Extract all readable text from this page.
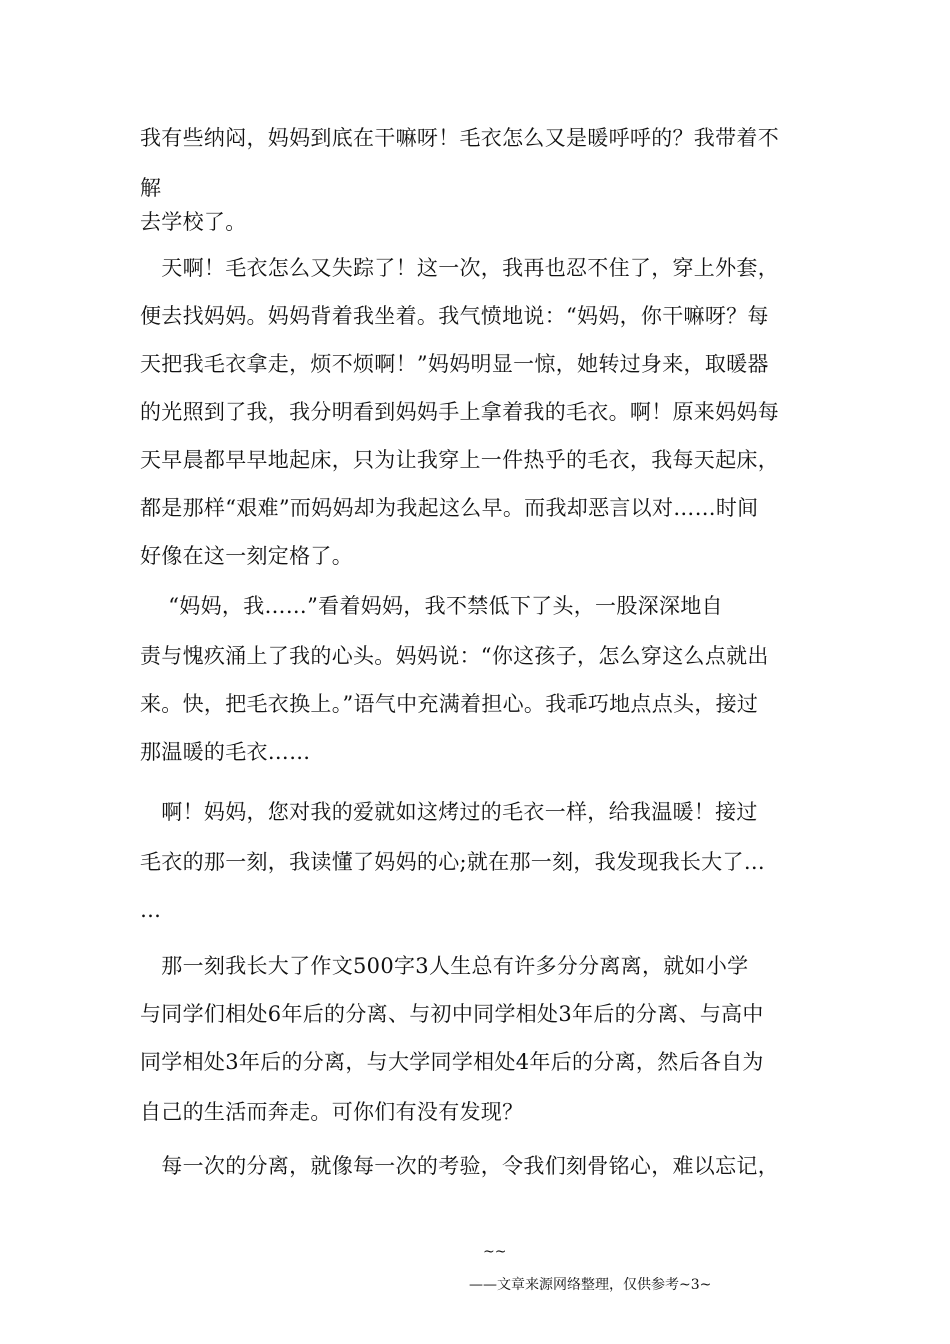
我有些纳闷，妈妈到底在干嘛呀！毛衣怎么又是暖呼呼的？我带着不
解
去学校了。
　天啊！毛衣怎么又失踪了！这一次，我再也忍不住了，穿上外套，
便去找妈妈。妈妈背着我坐着。我气愤地说：“妈妈，你干嘛呀？每
天把我毛衣拿走，烦不烦啊！”妈妈明显一惊，她转过身来，取暖器
的光照到了我，我分明看到妈妈手上拿着我的毛衣。啊！原来妈妈每
天早晨都早早地起床，只为让我穿上一件热乎的毛衣，我每天起床，
都是那样“艰难”而妈妈却为我起这么早。而我却恶言以对……时间
好像在这一刻定格了。
　 “妈妈，我……”看着妈妈，我不禁低下了头，一股深深地自
责与愧疚涌上了我的心头。妈妈说：“你这孩子，怎么穿这么点就出
来。快，把毛衣换上。”语气中充满着担心。我乖巧地点点头，接过
那温暖的毛衣……
　啊！妈妈，您对我的爱就如这烤过的毛衣一样，给我温暖！接过
毛衣的那一刻，我读懂了妈妈的心;就在那一刻，我发现我长大了…
…
　那一刻我长大了作文500字3人生总有许多分分离离，就如小学
与同学们相处6年后的分离、与初中同学相处3年后的分离、与高中
同学相处3年后的分离，与大学同学相处4年后的分离，然后各自为
自己的生活而奔走。可你们有没有发现？
　每一次的分离，就像每一次的考验，令我们刻骨铭心，难以忘记，
~~
——文章来源网络整理，仅供参考~3~
